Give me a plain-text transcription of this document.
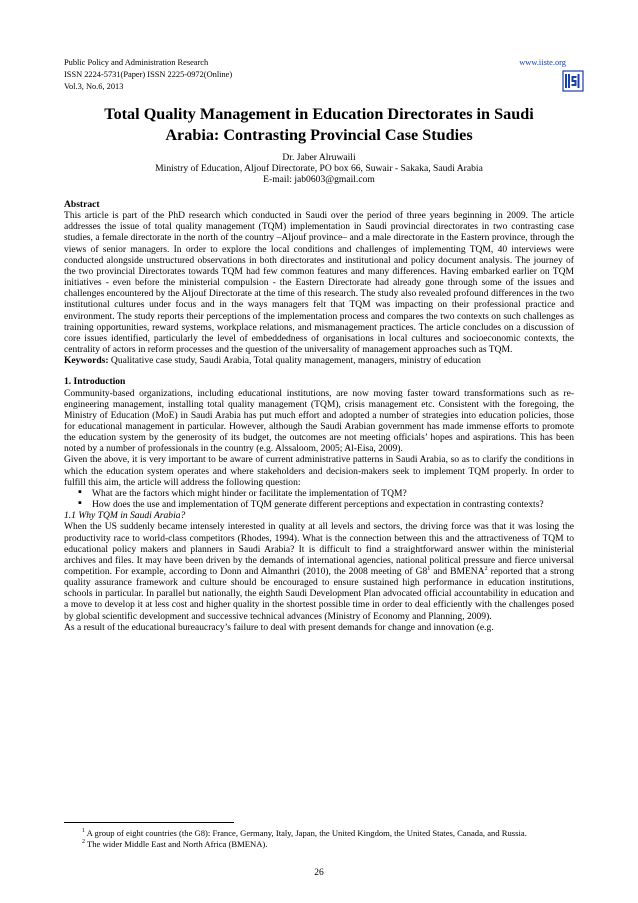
Public Policy and Administration Research
ISSN 2224-5731(Paper) ISSN 2225-0972(Online)
Vol.3, No.6, 2013
www.iiste.org
Total Quality Management in Education Directorates in Saudi
Arabia: Contrasting Provincial Case Studies
Dr. Jaber Alruwaili
Ministry of Education, Aljouf Directorate, PO box 66, Suwair - Sakaka, Saudi Arabia
E-mail: jab0603@gmail.com

Abstract

This article is part of the PhD research which conducted in Saudi over the period of three years beginning in 2009. The article addresses the issue of total quality management (TQM) implementation in Saudi provincial directorates in two contrasting case studies, a female directorate in the north of the country –Aljouf province– and a male directorate in the Eastern province, through the views of senior managers. In order to explore the local conditions and challenges of implementing TQM, 40 interviews were conducted alongside unstructured observations in both directorates and institutional and policy document analysis. The journey of the two provincial Directorates towards TQM had few common features and many differences. Having embarked earlier on TQM initiatives - even before the ministerial compulsion - the Eastern Directorate had already gone through some of the issues and challenges encountered by the Aljouf Directorate at the time of this research. The study also revealed profound differences in the two institutional cultures under focus and in the ways managers felt that TQM was impacting on their professional practice and environment. The study reports their perceptions of the implementation process and compares the two contexts on such challenges as training opportunities, reward systems, workplace relations, and mismanagement practices. The article concludes on a discussion of core issues identified, particularly the level of embeddedness of organisations in local cultures and socioeconomic contexts, the centrality of actors in reform processes and the question of the universality of management approaches such as TQM.

Keywords: Qualitative case study, Saudi Arabia, Total quality management, managers, ministry of education

1. Introduction

Community-based organizations, including educational institutions, are now moving faster toward transformations such as re-engineering management, installing total quality management (TQM), crisis management etc. Consistent with the foregoing, the Ministry of Education (MoE) in Saudi Arabia has put much effort and adopted a number of strategies into education policies, those for educational management in particular. However, although the Saudi Arabian government has made immense efforts to promote the education system by the generosity of its budget, the outcomes are not meeting officials’ hopes and aspirations. This has been noted by a number of professionals in the country (e.g. Alssaloom, 2005; Al-Eisa, 2009).

Given the above, it is very important to be aware of current administrative patterns in Saudi Arabia, so as to clarify the conditions in which the education system operates and where stakeholders and decision-makers seek to implement TQM properly. In order to fulfill this aim, the article will address the following question:

▪ What are the factors which might hinder or facilitate the implementation of TQM?
▪ How does the use and implementation of TQM generate different perceptions and expectation in contrasting contexts?

1.1 Why TQM in Saudi Arabia?

When the US suddenly became intensely interested in quality at all levels and sectors, the driving force was that it was losing the productivity race to world-class competitors (Rhodes, 1994). What is the connection between this and the attractiveness of TQM to educational policy makers and planners in Saudi Arabia? It is difficult to find a straightforward answer within the ministerial archives and files. It may have been driven by the demands of international agencies, national political pressure and fierce universal competition. For example, according to Donn and Almanthri (2010), the 2008 meeting of $G8^1$ and BMENA$^2$ reported that a strong quality assurance framework and culture should be encouraged to ensure sustained high performance in education institutions, schools in particular. In parallel but nationally, the eighth Saudi Development Plan advocated official accountability in education and a move to develop it at less cost and higher quality in the shortest possible time in order to deal efficiently with the challenges posed by global scientific development and successive technical advances (Ministry of Economy and Planning, 2009).

As a result of the educational bureaucracy’s failure to deal with present demands for change and innovation (e.g.

$^1$ A group of eight countries (the G8): France, Germany, Italy, Japan, the United Kingdom, the United States, Canada, and Russia.

$^2$ The wider Middle East and North Africa (BMENA).

26
